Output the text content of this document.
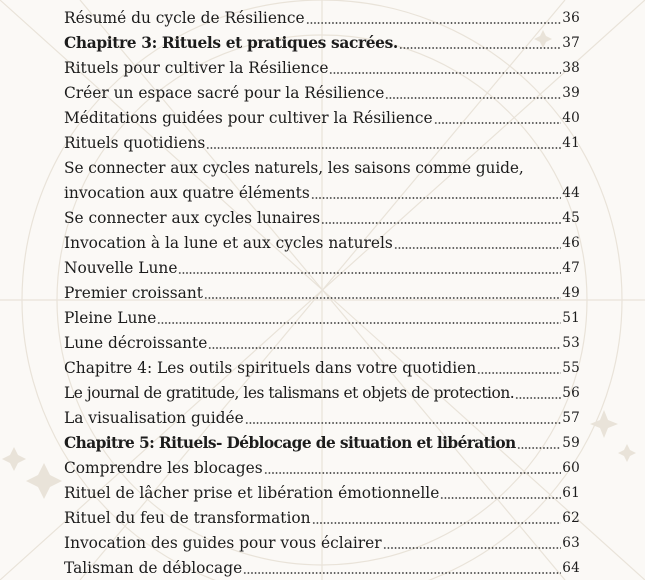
Résumé du cycle de Résilience	36
Chapitre 3: Rituels et pratiques sacrées.	37
Rituels pour cultiver la Résilience	38
Créer un espace sacré pour la Résilience	39
Méditations guidées pour cultiver la Résilience	40
Rituels quotidiens	41
Se connecter aux cycles naturels, les saisons comme guide,
invocation aux quatre éléments	44
Se connecter aux cycles lunaires	45
Invocation à la lune et aux cycles naturels	46
Nouvelle Lune	47
Premier croissant	49
Pleine Lune	51
Lune décroissante	53
Chapitre 4: Les outils spirituels dans votre quotidien	55
Le journal de gratitude, les talismans et objets de protection.	56
La visualisation guidée	57
Chapitre 5: Rituels- Déblocage de situation et libération	59
Comprendre les blocages	60
Rituel de lâcher prise et libération émotionnelle	61
Rituel du feu de transformation	62
Invocation des guides pour vous éclairer	63
Talisman de déblocage	64
